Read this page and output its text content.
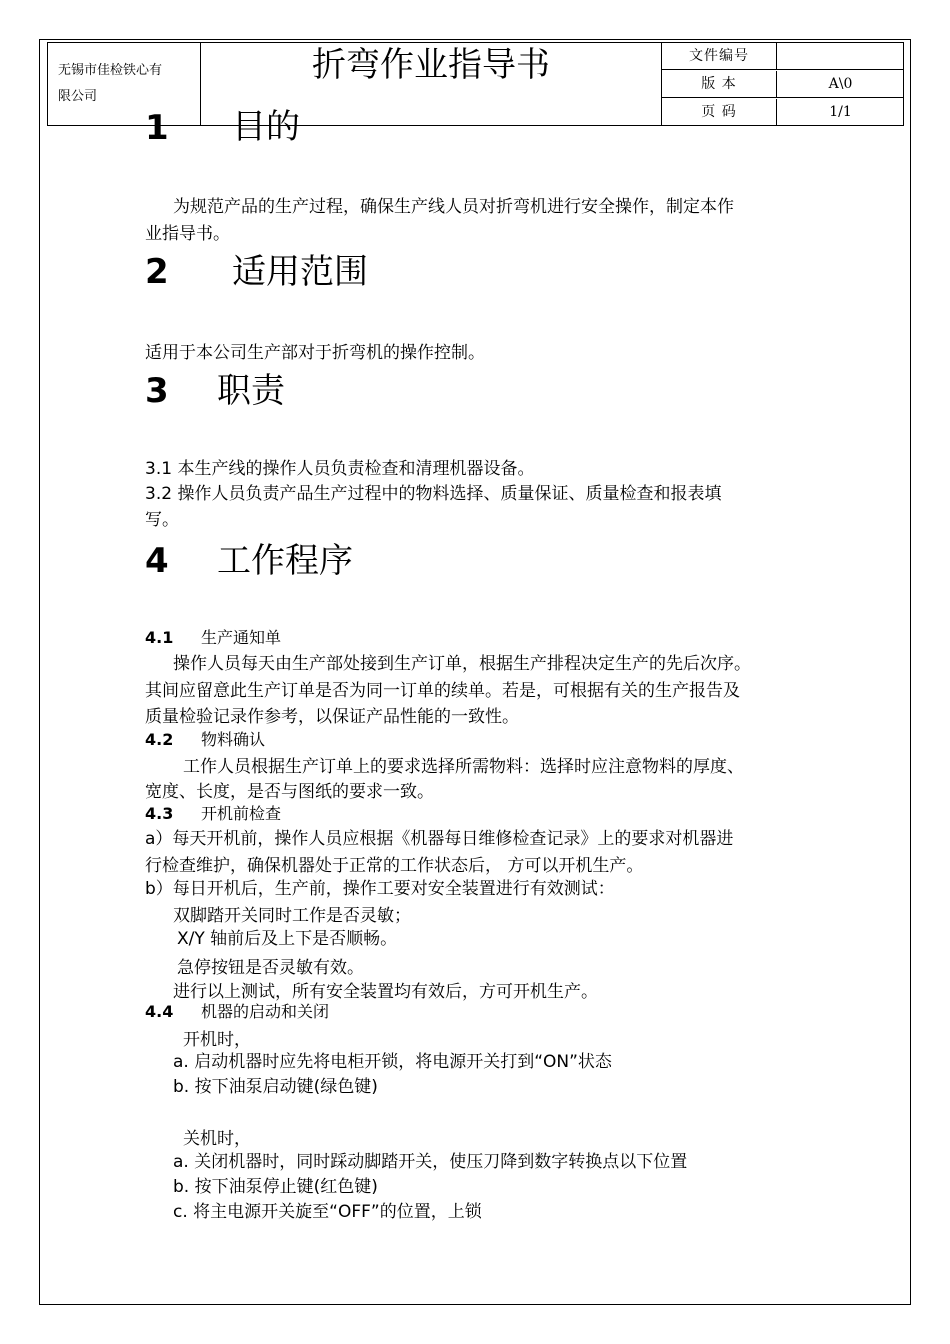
无锡市佳检铁心有
限公司
折弯作业指导书	文件编号
版 本	A\0
页 码	1/1
1 目的
为规范产品的生产过程，确保生产线人员对折弯机进行安全操作，制定本作
业指导书。
2 适用范围
适用于本公司生产部对于折弯机的操作控制。
3 职责
3.1 本生产线的操作人员负责检查和清理机器设备。
3.2 操作人员负责产品生产过程中的物料选择、质量保证、质量检查和报表填
写。
4 工作程序
4.1 生产通知单
操作人员每天由生产部处接到生产订单，根据生产排程决定生产的先后次序。
其间应留意此生产订单是否为同一订单的续单。若是，可根据有关的生产报告及
质量检验记录作参考，以保证产品性能的一致性。
4.2 物料确认
工作人员根据生产订单上的要求选择所需物料：选择时应注意物料的厚度、
宽度、长度，是否与图纸的要求一致。
4.3 开机前检查
a）每天开机前，操作人员应根据《机器每日维修检查记录》上的要求对机器进
行检查维护，确保机器处于正常的工作状态后， 方可以开机生产。
b）每日开机后，生产前，操作工要对安全装置进行有效测试：
双脚踏开关同时工作是否灵敏；
X/Y 轴前后及上下是否顺畅。
急停按钮是否灵敏有效。
进行以上测试，所有安全装置均有效后，方可开机生产。
4.4 机器的启动和关闭
开机时，
a. 启动机器时应先将电柜开锁，将电源开关打到“ON”状态
b. 按下油泵启动键(绿色键)
关机时，
a. 关闭机器时，同时踩动脚踏开关，使压刀降到数字转换点以下位置
b. 按下油泵停止键(红色键)
c. 将主电源开关旋至“OFF”的位置，上锁
